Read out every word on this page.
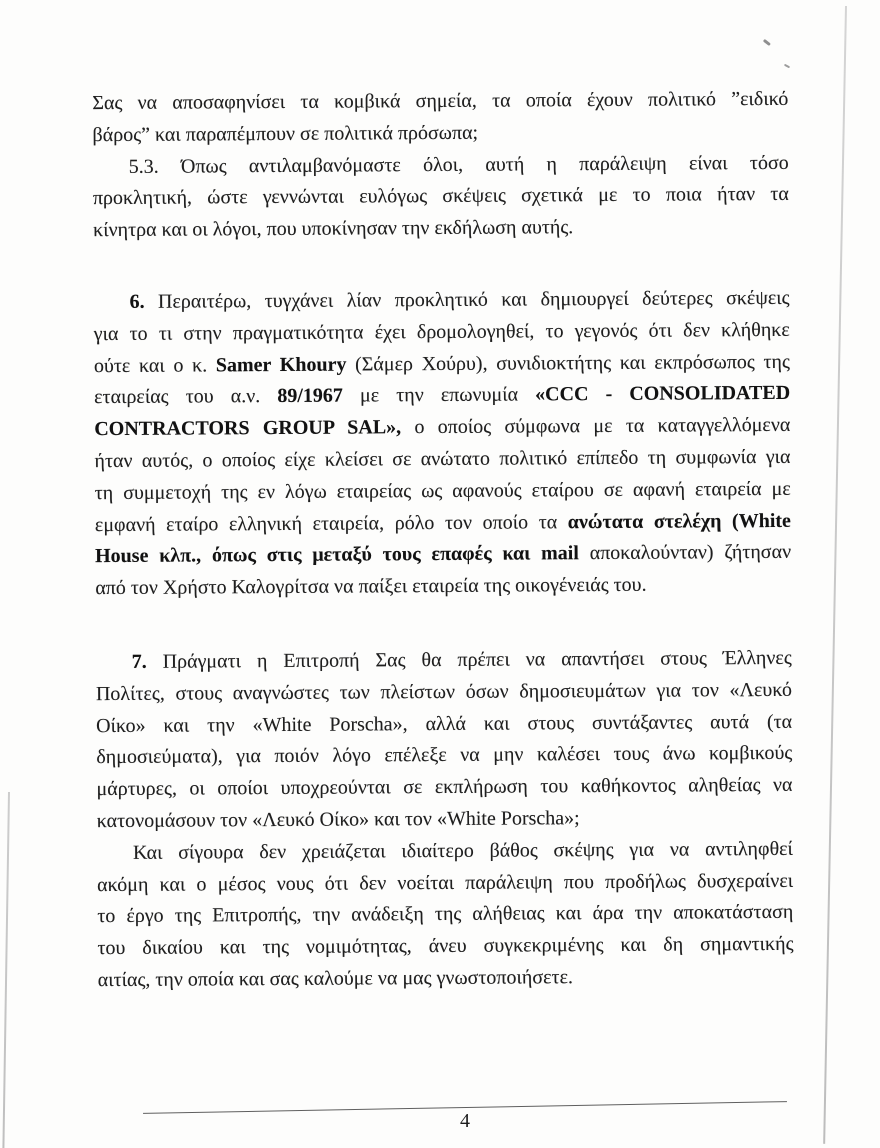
Σας να αποσαφηνίσει τα κομβικά σημεία, τα οποία έχουν πολιτικό ”ειδικό
βάρος” και παραπέμπουν σε πολιτικά πρόσωπα;
5.3. Όπως αντιλαμβανόμαστε όλοι, αυτή η παράλειψη είναι τόσο
προκλητική, ώστε γεννώνται ευλόγως σκέψεις σχετικά με το ποια ήταν τα
κίνητρα και οι λόγοι, που υποκίνησαν την εκδήλωση αυτής.
6. Περαιτέρω, τυγχάνει λίαν προκλητικό και δημιουργεί δεύτερες σκέψεις
για το τι στην πραγματικότητα έχει δρομολογηθεί, το γεγονός ότι δεν κλήθηκε
ούτε και ο κ. Samer Khoury (Σάμερ Χούρυ), συνιδιοκτήτης και εκπρόσωπος της
εταιρείας του α.ν. 89/1967 με την επωνυμία «CCC - CONSOLIDATED
CONTRACTORS GROUP SAL», ο οποίος σύμφωνα με τα καταγγελλόμενα
ήταν αυτός, ο οποίος είχε κλείσει σε ανώτατο πολιτικό επίπεδο τη συμφωνία για
τη συμμετοχή της εν λόγω εταιρείας ως αφανούς εταίρου σε αφανή εταιρεία με
εμφανή εταίρο ελληνική εταιρεία, ρόλο τον οποίο τα ανώτατα στελέχη (White
House κλπ., όπως στις μεταξύ τους επαφές και mail αποκαλούνταν) ζήτησαν
από τον Χρήστο Καλογρίτσα να παίξει εταιρεία της οικογένειάς του.
7. Πράγματι η Επιτροπή Σας θα πρέπει να απαντήσει στους Έλληνες
Πολίτες, στους αναγνώστες των πλείστων όσων δημοσιευμάτων για τον «Λευκό
Οίκο» και την «White Porscha», αλλά και στους συντάξαντες αυτά (τα
δημοσιεύματα), για ποιόν λόγο επέλεξε να μην καλέσει τους άνω κομβικούς
μάρτυρες, οι οποίοι υποχρεούνται σε εκπλήρωση του καθήκοντος αληθείας να
κατονομάσουν τον «Λευκό Οίκο» και τον «White Porscha»;
Και σίγουρα δεν χρειάζεται ιδιαίτερο βάθος σκέψης για να αντιληφθεί
ακόμη και ο μέσος νους ότι δεν νοείται παράλειψη που προδήλως δυσχεραίνει
το έργο της Επιτροπής, την ανάδειξη της αλήθειας και άρα την αποκατάσταση
του δικαίου και της νομιμότητας, άνευ συγκεκριμένης και δη σημαντικής
αιτίας, την οποία και σας καλούμε να μας γνωστοποιήσετε.
4
